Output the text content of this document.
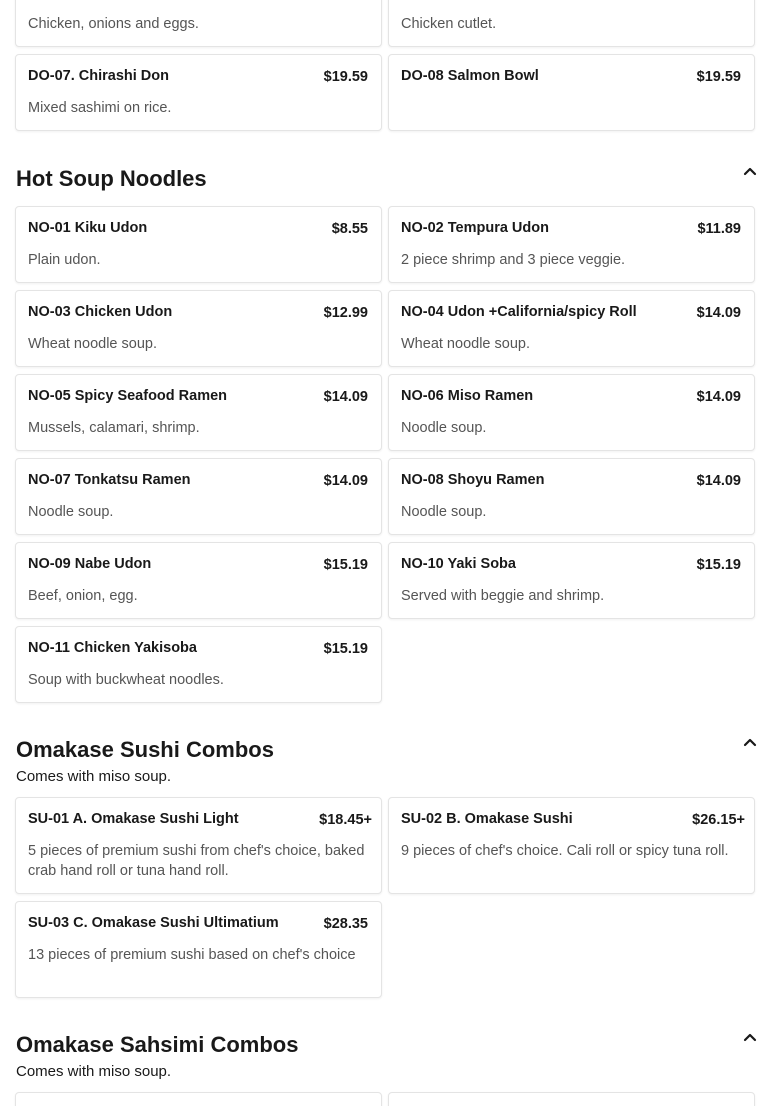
Chicken, onions and eggs.	Chicken cutlet.
DO-07. Chirashi Don	$19.59
Mixed sashimi on rice.
DO-08 Salmon Bowl	$19.59
Hot Soup Noodles
NO-01 Kiku Udon	$8.55
Plain udon.
NO-02 Tempura Udon	$11.89
2 piece shrimp and 3 piece veggie.
NO-03 Chicken Udon	$12.99
Wheat noodle soup.
NO-04 Udon +California/spicy Roll	$14.09
Wheat noodle soup.
NO-05 Spicy Seafood Ramen	$14.09
Mussels, calamari, shrimp.
NO-06 Miso Ramen	$14.09
Noodle soup.
NO-07 Tonkatsu Ramen	$14.09
Noodle soup.
NO-08 Shoyu Ramen	$14.09
Noodle soup.
NO-09 Nabe Udon	$15.19
Beef, onion, egg.
NO-10 Yaki Soba	$15.19
Served with beggie and shrimp.
NO-11 Chicken Yakisoba	$15.19
Soup with buckwheat noodles.
Omakase Sushi Combos
Comes with miso soup.
SU-01 A. Omakase Sushi Light	$18.45+
5 pieces of premium sushi from chef's choice, baked crab hand roll or tuna hand roll.
SU-02 B. Omakase Sushi	$26.15+
9 pieces of chef's choice. Cali roll or spicy tuna roll.
SU-03 C. Omakase Sushi Ultimatium	$28.35
13 pieces of premium sushi based on chef's choice
Omakase Sahsimi Combos
Comes with miso soup.
